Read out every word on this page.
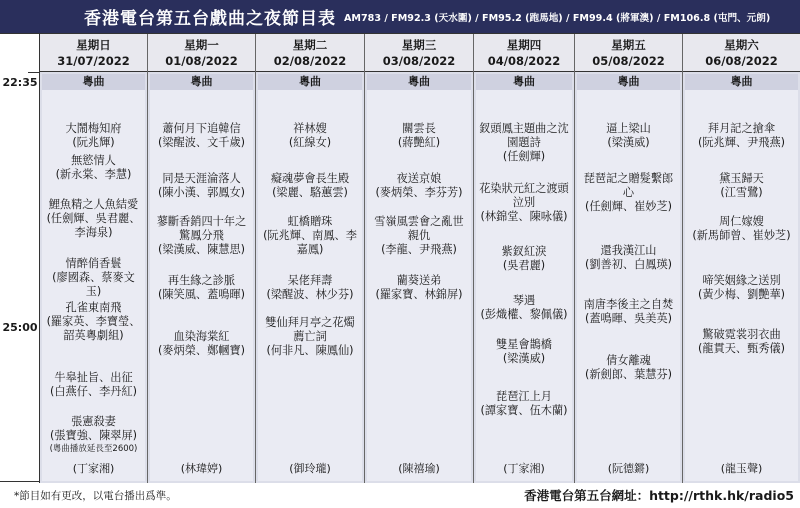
香港電台第五台戲曲之夜節目表 AM783 / FM92.3 (天水圍) / FM95.2 (跑馬地) / FM99.4 (將軍澳) / FM106.8 (屯門、元朗)
22:35
25:00
星期日
31/07/2022
粵曲
大鬧梅知府
(阮兆輝)
無慾情人
(新永棠、李慧)
鯉魚精之人魚結愛
(任劍輝、吳君麗、李海泉)
情醉俏香鬟
(廖國森、蔡麥文玉)
孔雀東南飛
(羅家英、李寶瑩、韶英粵劇組)
牛皋扯旨、出征
(白燕仔、李丹紅)
張憲殺妻
(張寶強、陳翠屏)
(粵曲播放延長至2600)
(丁家湘)
星期一
01/08/2022
粵曲
蕭何月下追韓信
(梁醒波、文千歲)
同是天涯淪落人
(陳小漢、郭鳳女)
蓼斷香銷四十年之驚鳳分飛
(梁漢威、陳慧思)
再生緣之診脈
(陳笑風、蓋鳴暉)
血染海棠紅
(麥炳榮、鄭幗寶)
(林瑋婷)
星期二
02/08/2022
粵曲
祥林嫂
(紅線女)
癡魂夢會長生殿
(梁麗、駱蕙雲)
虹橋贈珠
(阮兆輝、南鳳、李嘉鳳)
呆佬拜壽
(梁醒波、林少芬)
雙仙拜月亭之花燭薦亡詞
(何非凡、陳鳳仙)
(御玲瓏)
星期三
03/08/2022
粵曲
關雲長
(蔣艷紅)
夜送京娘
(麥炳榮、李芬芳)
雪嶺風雲會之亂世親仇
(李龍、尹飛燕)
藺葵送弟
(羅家寶、林錦屏)
(陳禧瑜)
星期四
04/08/2022
粵曲
釵頭鳳主題曲之沈園題詩
(任劍輝)
花染狀元紅之渡頭泣別
(林錦堂、陳咏儀)
紫釵紅淚
(吳君麗)
琴遇
(彭熾權、黎佩儀)
雙星會鵲橋
(梁漢威)
琵琶江上月
(譚家寶、伍木蘭)
(丁家湘)
星期五
05/08/2022
粵曲
逼上梁山
(梁漢威)
琵琶記之贈髮繫郎心
(任劍輝、崔妙芝)
還我漢江山
(劉善初、白鳳瑛)
南唐李後主之自焚
(蓋鳴暉、吳美英)
倩女離魂
(新劍郎、葉慧芬)
(阮德鏘)
星期六
06/08/2022
粵曲
拜月記之搶傘
(阮兆輝、尹飛燕)
黛玉歸天
(江雪鷺)
周仁嫁嫂
(新馬師曾、崔妙芝)
啼笑姻緣之送別
(黃少梅、劉艷華)
驚破霓裳羽衣曲
(龍貫天、甄秀儀)
(龍玉聲)
*節目如有更改，以電台播出爲準。	香港電台第五台網址：http://rthk.hk/radio5
